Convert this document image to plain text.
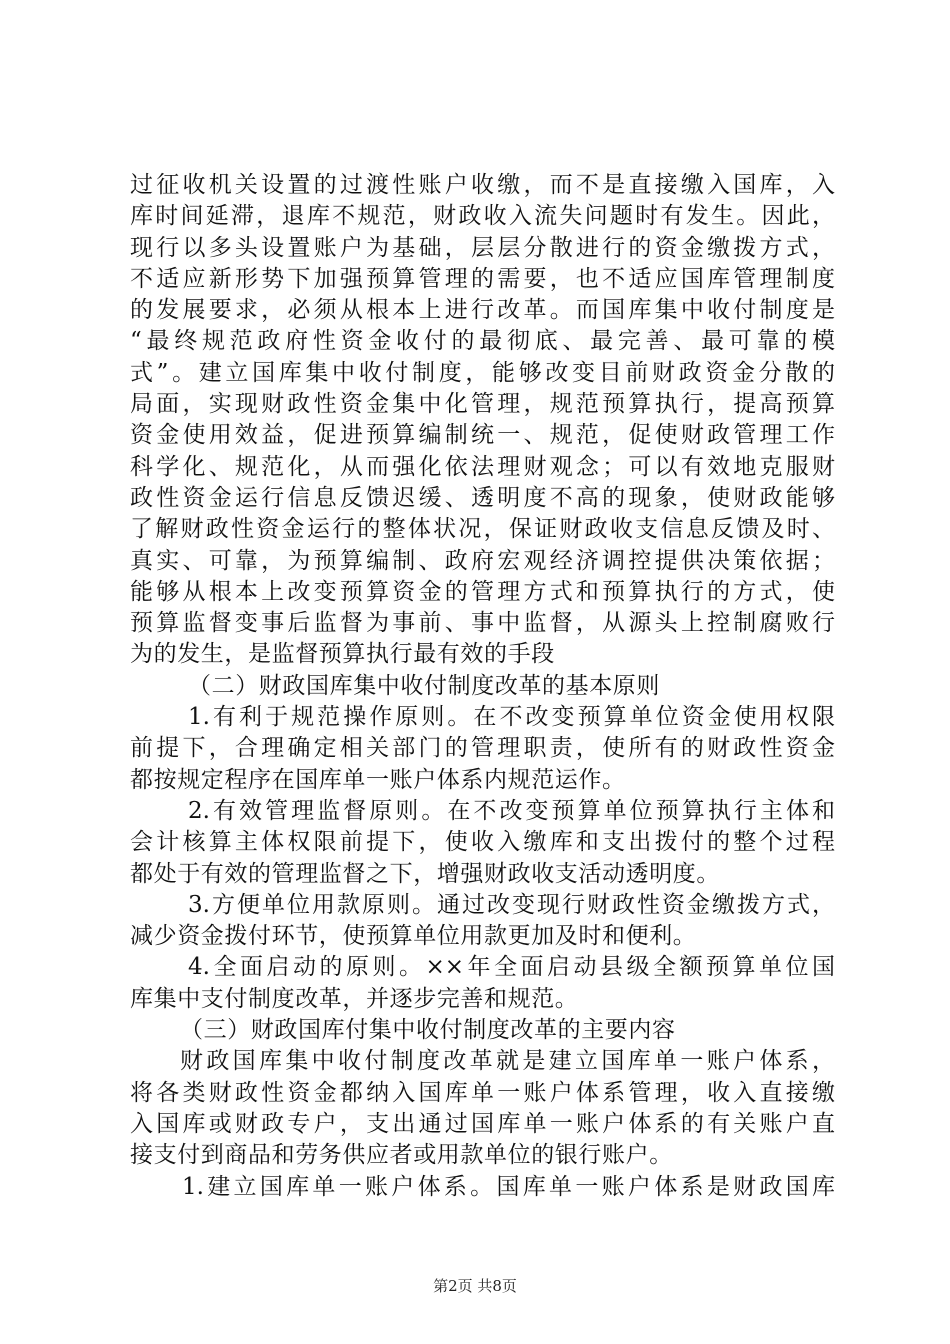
过征收机关设置的过渡性账户收缴，而不是直接缴入国库，入
库时间延滞，退库不规范，财政收入流失问题时有发生。因此，
现行以多头设置账户为基础，层层分散进行的资金缴拨方式，
不适应新形势下加强预算管理的需要，也不适应国库管理制度
的发展要求，必须从根本上进行改革。而国库集中收付制度是
“最终规范政府性资金收付的最彻底、最完善、最可靠的模
式”。建立国库集中收付制度，能够改变目前财政资金分散的
局面，实现财政性资金集中化管理，规范预算执行，提高预算
资金使用效益，促进预算编制统一、规范，促使财政管理工作
科学化、规范化，从而强化依法理财观念；可以有效地克服财
政性资金运行信息反馈迟缓、透明度不高的现象，使财政能够
了解财政性资金运行的整体状况，保证财政收支信息反馈及时、
真实、可靠，为预算编制、政府宏观经济调控提供决策依据；
能够从根本上改变预算资金的管理方式和预算执行的方式，使
预算监督变事后监督为事前、事中监督，从源头上控制腐败行
为的发生，是监督预算执行最有效的手段
（二）财政国库集中收付制度改革的基本原则
1.有利于规范操作原则。在不改变预算单位资金使用权限
前提下，合理确定相关部门的管理职责，使所有的财政性资金
都按规定程序在国库单一账户体系内规范运作。
2.有效管理监督原则。在不改变预算单位预算执行主体和
会计核算主体权限前提下，使收入缴库和支出拨付的整个过程
都处于有效的管理监督之下，增强财政收支活动透明度。
3.方便单位用款原则。通过改变现行财政性资金缴拨方式，
减少资金拨付环节，使预算单位用款更加及时和便利。
4.全面启动的原则。××年全面启动县级全额预算单位国
库集中支付制度改革，并逐步完善和规范。
（三）财政国库付集中收付制度改革的主要内容
财政国库集中收付制度改革就是建立国库单一账户体系，
将各类财政性资金都纳入国库单一账户体系管理，收入直接缴
入国库或财政专户，支出通过国库单一账户体系的有关账户直
接支付到商品和劳务供应者或用款单位的银行账户。
1.建立国库单一账户体系。国库单一账户体系是财政国库
第2页 共8页
